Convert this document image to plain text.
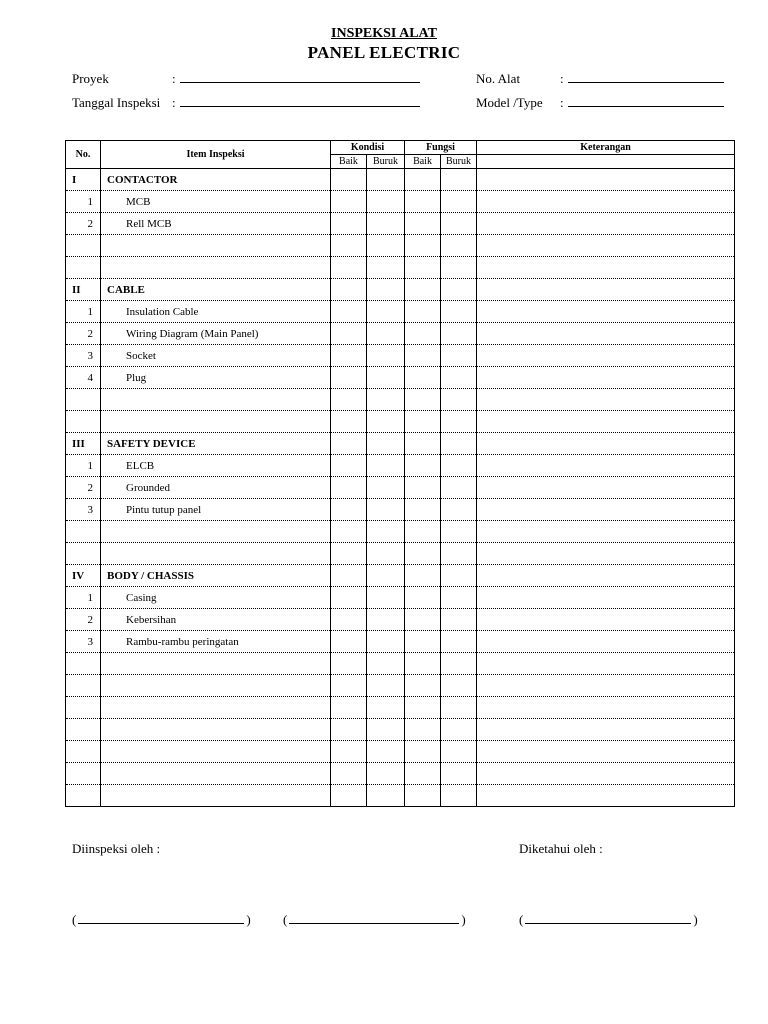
INSPEKSI ALAT
PANEL ELECTRIC
Proyek	:
Tanggal Inspeksi :
No. Alat	:
Model /Type :
No.	Item Inspeksi	Kondisi		Fungsi		Keterangan
		Baik	Buruk	Baik	Buruk	
I	CONTACTOR					
1	MCB					
2	Rell MCB					

II	CABLE					
1	Insulation Cable					
2	Wiring Diagram (Main Panel)					
3	Socket					
4	Plug					

III	SAFETY DEVICE					
1	ELCB					
2	Grounded					
3	Pintu tutup panel					

IV	BODY / CHASSIS					
1	Casing					
2	Kebersihan					
3	Rambu-rambu peringatan					

Diinspeksi oleh :	Diketahui oleh :
(	) (	)	(	)
